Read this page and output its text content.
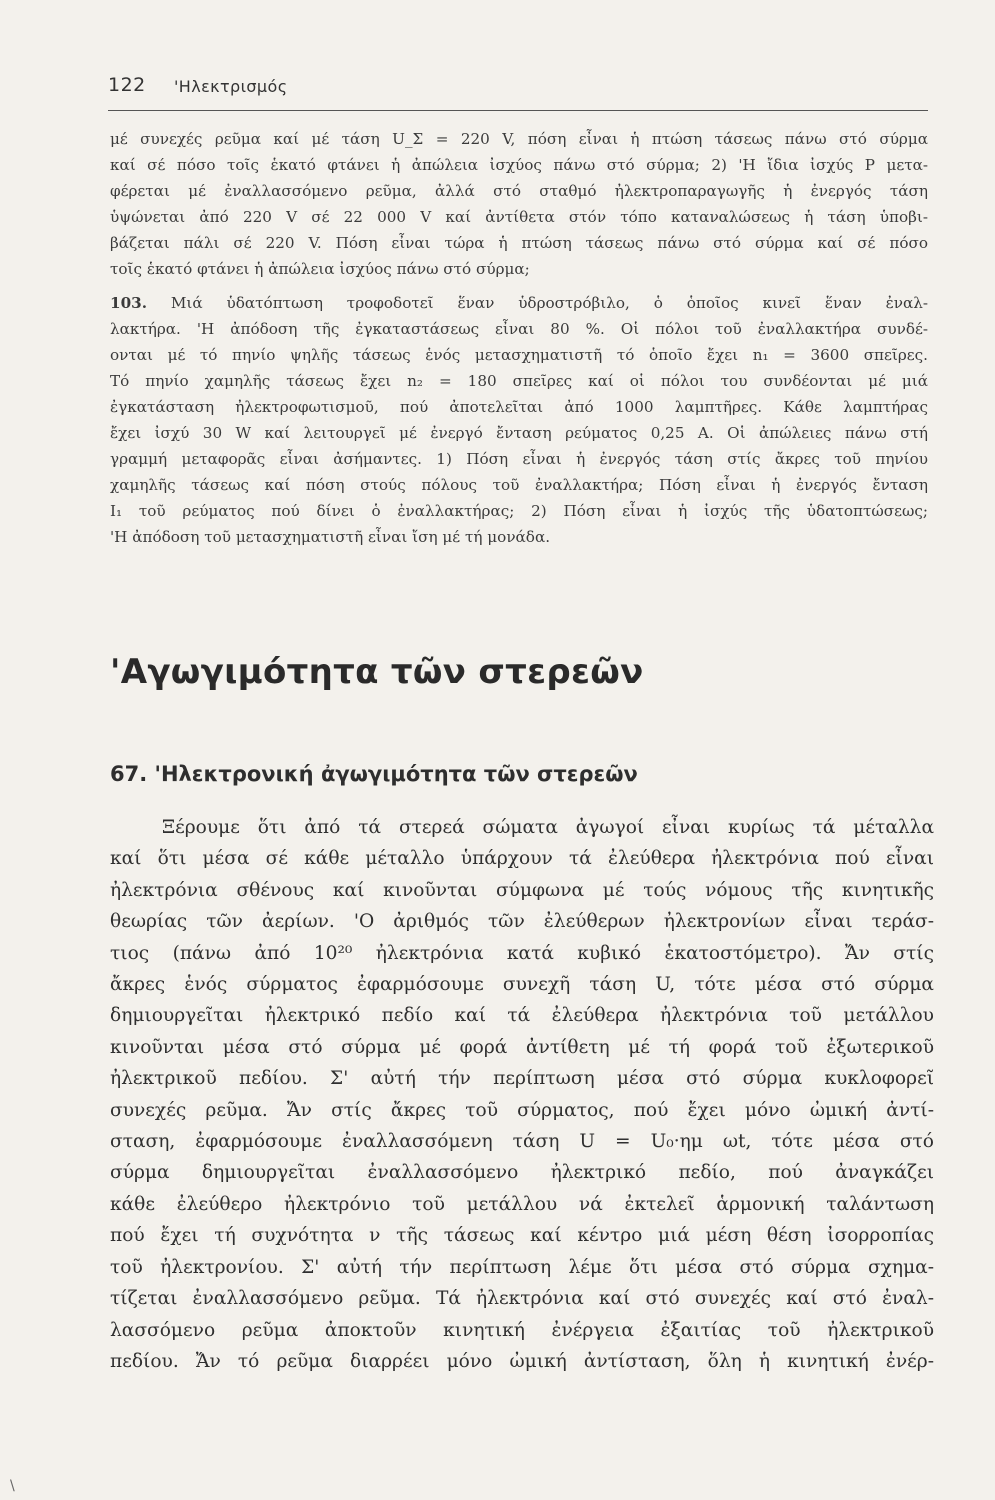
122 'Ηλεκτρισμός
μέ συνεχές ρεῦμα καί μέ τάση U_Σ = 220 V, πόση εἶναι ἡ πτώση τάσεως πάνω στό σύρμα
καί σέ πόσο τοῖς ἑκατό φτάνει ἡ ἀπώλεια ἰσχύος πάνω στό σύρμα; 2) 'Η ἴδια ἰσχύς P μετα-
φέρεται μέ ἐναλλασσόμενο ρεῦμα, ἀλλά στό σταθμό ἠλεκτροπαραγωγῆς ἡ ἐνεργός τάση
ὑψώνεται ἀπό 220 V σέ 22 000 V καί ἀντίθετα στόν τόπο καταναλώσεως ἡ τάση ὑποβι-
βάζεται πάλι σέ 220 V. Πόση εἶναι τώρα ἡ πτώση τάσεως πάνω στό σύρμα καί σέ πόσο
τοῖς ἑκατό φτάνει ἡ ἀπώλεια ἰσχύος πάνω στό σύρμα;
103. Μιά ὑδατόπτωση τροφοδοτεῖ ἕναν ὑδροστρόβιλο, ὁ ὁποῖος κινεῖ ἕναν ἐναλ-
λακτήρα. 'Η ἀπόδοση τῆς ἐγκαταστάσεως εἶναι 80 %. Οἱ πόλοι τοῦ ἐναλλακτήρα συνδέ-
ονται μέ τό πηνίο ψηλῆς τάσεως ἑνός μετασχηματιστῆ τό ὁποῖο ἔχει n₁ = 3600 σπεῖρες.
Τό πηνίο χαμηλῆς τάσεως ἔχει n₂ = 180 σπεῖρες καί οἱ πόλοι του συνδέονται μέ μιά
ἐγκατάσταση ἠλεκτροφωτισμοῦ, πού ἀποτελεῖται ἀπό 1000 λαμπτῆρες. Κάθε λαμπτήρας
ἔχει ἰσχύ 30 W καί λειτουργεῖ μέ ἐνεργό ἔνταση ρεύματος 0,25 A. Οἱ ἀπώλειες πάνω στή
γραμμή μεταφορᾶς εἶναι ἀσήμαντες. 1) Πόση εἶναι ἡ ἐνεργός τάση στίς ἄκρες τοῦ πηνίου
χαμηλῆς τάσεως καί πόση στούς πόλους τοῦ ἐναλλακτήρα; Πόση εἶναι ἡ ἐνεργός ἔνταση
I₁ τοῦ ρεύματος πού δίνει ὁ ἐναλλακτήρας; 2) Πόση εἶναι ἡ ἰσχύς τῆς ὑδατοπτώσεως;
'Η ἀπόδοση τοῦ μετασχηματιστῆ εἶναι ἴση μέ τή μονάδα.
'Αγωγιμότητα τῶν στερεῶν
67. 'Ηλεκτρονική ἀγωγιμότητα τῶν στερεῶν
Ξέρουμε ὅτι ἀπό τά στερεά σώματα ἀγωγοί εἶναι κυρίως τά μέταλλα
καί ὅτι μέσα σέ κάθε μέταλλο ὑπάρχουν τά ἐλεύθερα ἠλεκτρόνια πού εἶναι
ἠλεκτρόνια σθένους καί κινοῦνται σύμφωνα μέ τούς νόμους τῆς κινητικῆς
θεωρίας τῶν ἀερίων. 'Ο ἀριθμός τῶν ἐλεύθερων ἠλεκτρονίων εἶναι τεράσ-
τιος (πάνω ἀπό 10²⁰ ἠλεκτρόνια κατά κυβικό ἑκατοστόμετρο). Ἄν στίς
ἄκρες ἑνός σύρματος ἐφαρμόσουμε συνεχῆ τάση U, τότε μέσα στό σύρμα
δημιουργεῖται ἠλεκτρικό πεδίο καί τά ἐλεύθερα ἠλεκτρόνια τοῦ μετάλλου
κινοῦνται μέσα στό σύρμα μέ φορά ἀντίθετη μέ τή φορά τοῦ ἐξωτερικοῦ
ἠλεκτρικοῦ πεδίου. Σ' αὐτή τήν περίπτωση μέσα στό σύρμα κυκλοφορεῖ
συνεχές ρεῦμα. Ἄν στίς ἄκρες τοῦ σύρματος, πού ἔχει μόνο ὠμική ἀντί-
σταση, ἐφαρμόσουμε ἐναλλασσόμενη τάση U = U₀·ημ ωt, τότε μέσα στό
σύρμα δημιουργεῖται ἐναλλασσόμενο ἠλεκτρικό πεδίο, πού ἀναγκάζει
κάθε ἐλεύθερο ἠλεκτρόνιο τοῦ μετάλλου νά ἐκτελεῖ ἁρμονική ταλάντωση
πού ἔχει τή συχνότητα ν τῆς τάσεως καί κέντρο μιά μέση θέση ἰσορροπίας
τοῦ ἠλεκτρονίου. Σ' αὐτή τήν περίπτωση λέμε ὅτι μέσα στό σύρμα σχημα-
τίζεται ἐναλλασσόμενο ρεῦμα. Τά ἠλεκτρόνια καί στό συνεχές καί στό ἐναλ-
λασσόμενο ρεῦμα ἀποκτοῦν κινητική ἐνέργεια ἐξαιτίας τοῦ ἠλεκτρικοῦ
πεδίου. Ἄν τό ρεῦμα διαρρέει μόνο ὠμική ἀντίσταση, ὅλη ἡ κινητική ἐνέρ-
\
